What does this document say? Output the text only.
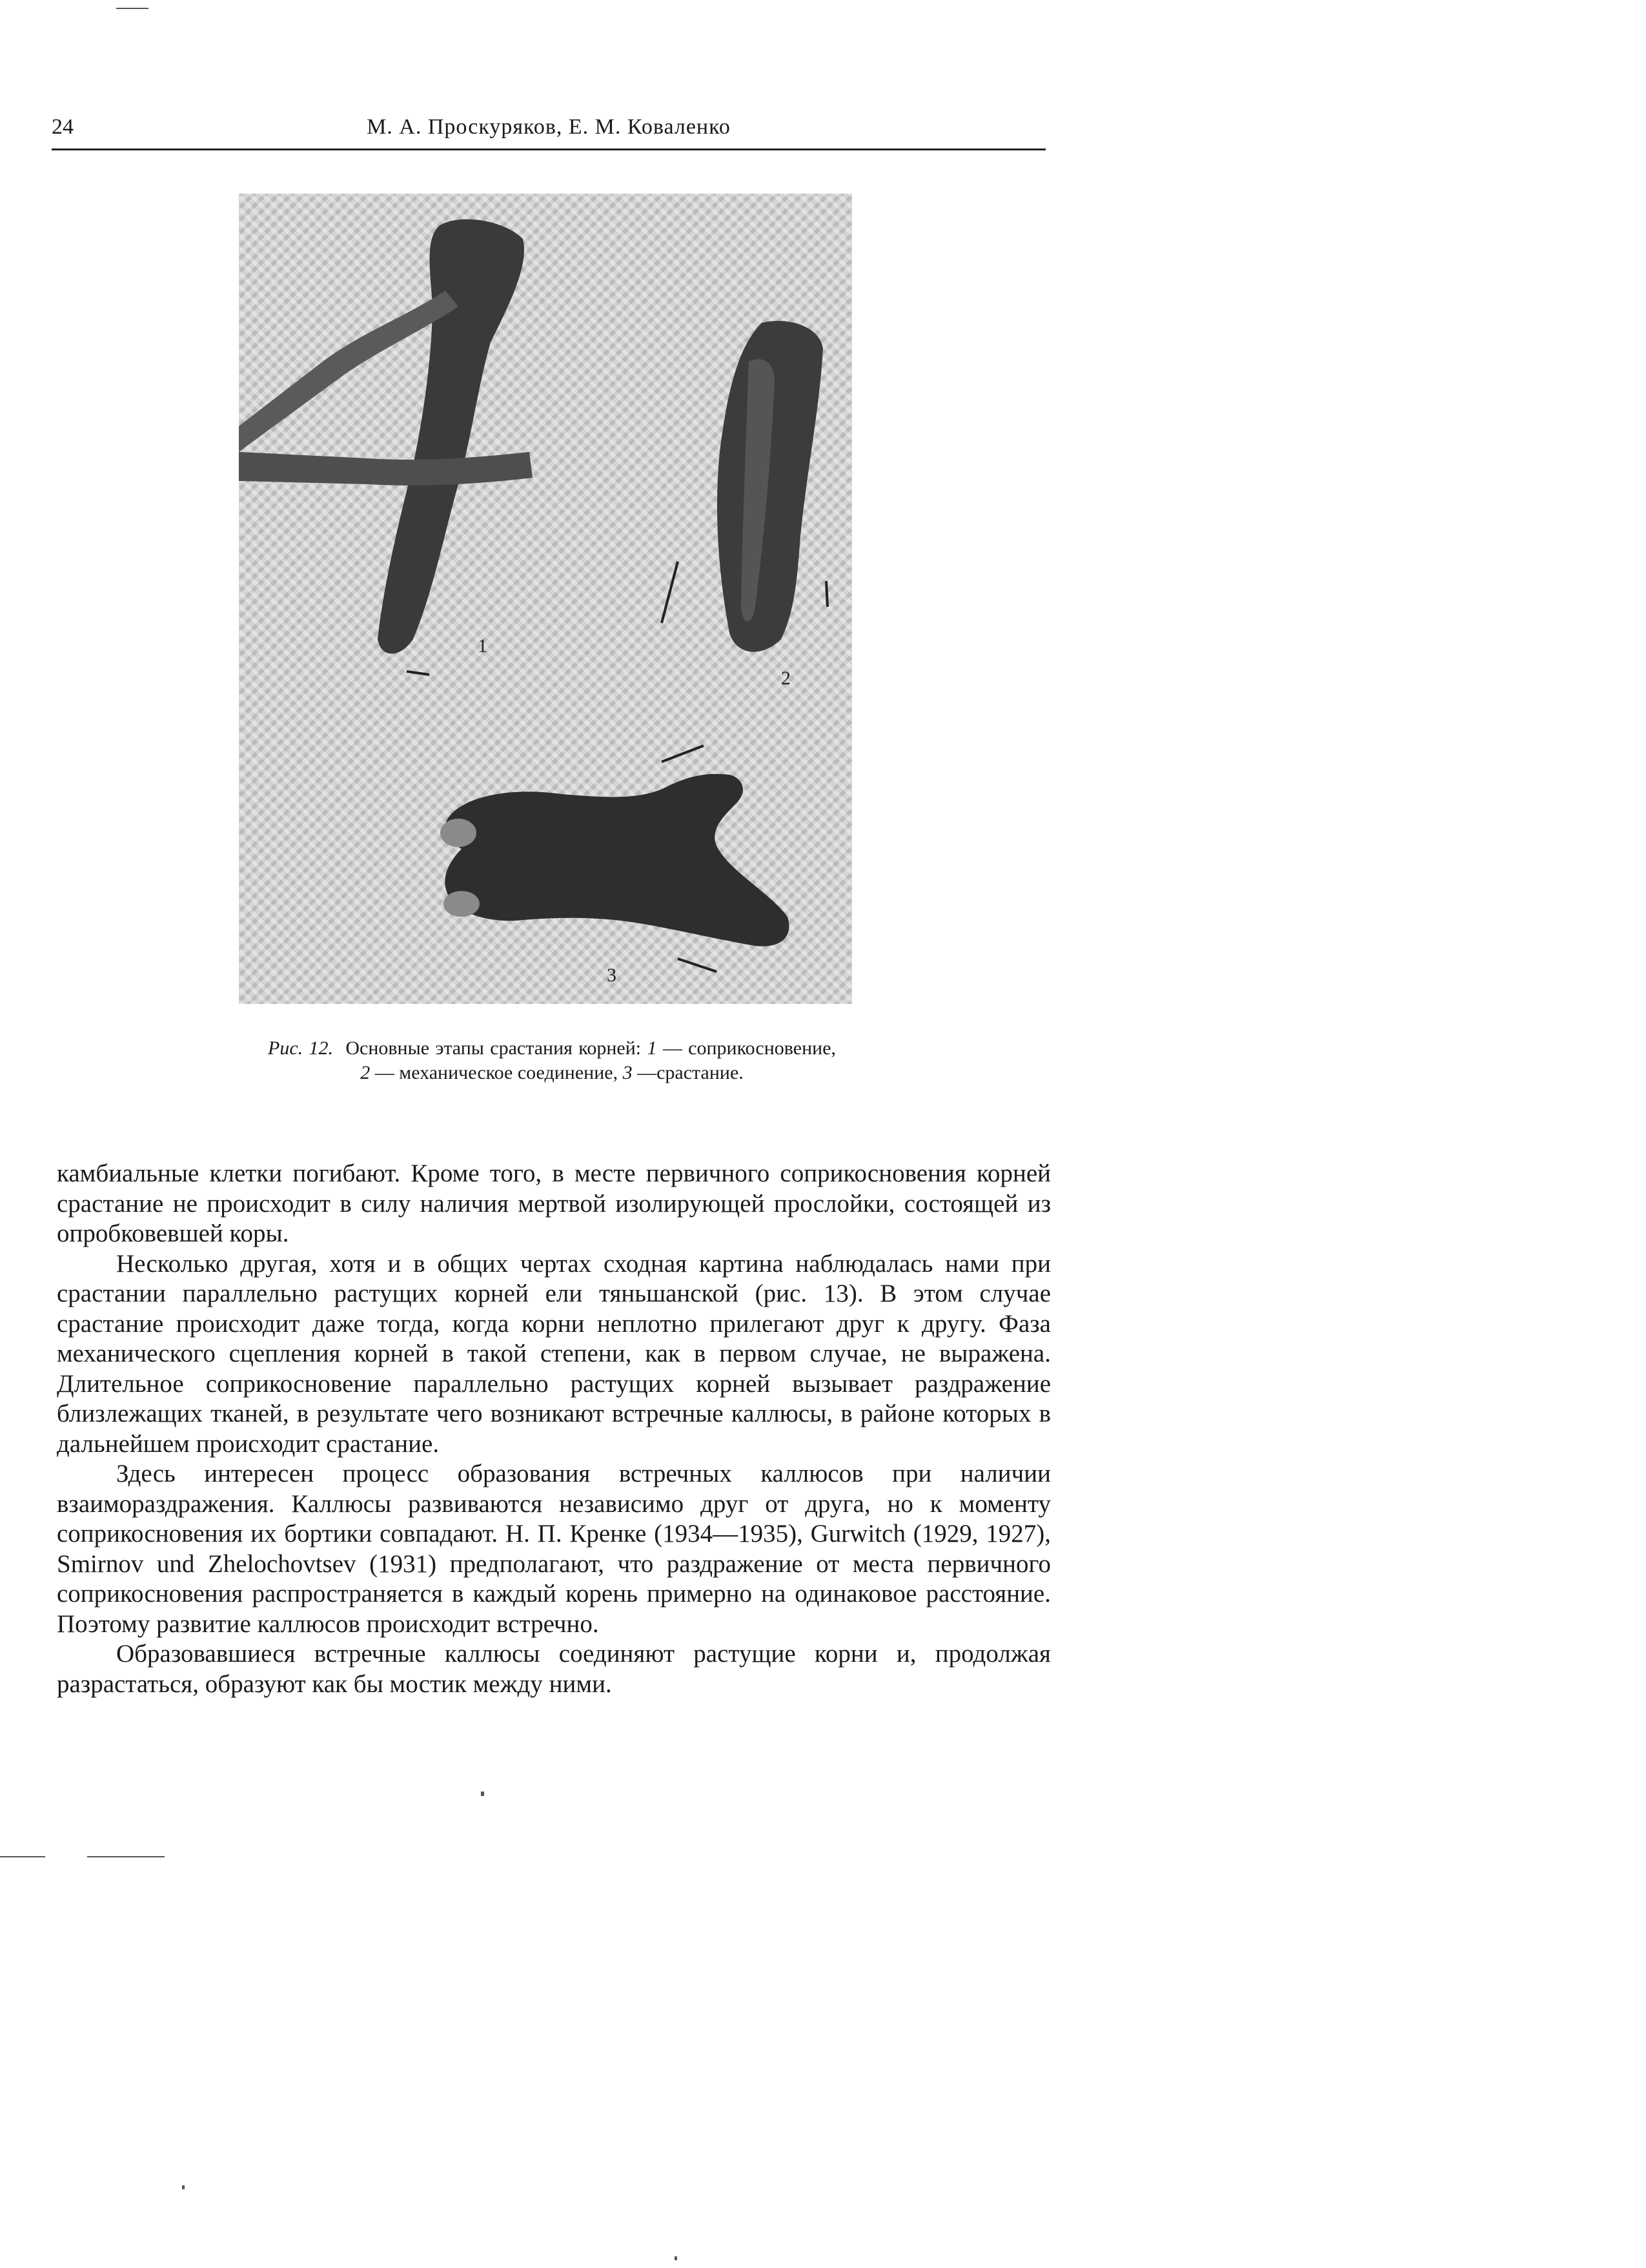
24	М. А. Проскуряков, Е. М. Коваленко
1
2
3
Рис. 12. Основные этапы срастания корней: 1 — соприкосновение, 2 — механическое соединение, 3 —срастание.

камбиальные клетки погибают. Кроме того, в месте первичного соприкосновения корней срастание не происходит в силу наличия мертвой изолирующей прослойки, состоящей из опробковевшей коры.

Несколько другая, хотя и в общих чертах сходная картина наблюдалась нами при срастании параллельно растущих корней ели тяньшанской (рис. 13). В этом случае срастание происходит даже тогда, когда корни неплотно прилегают друг к другу. Фаза механического сцепления корней в такой степени, как в первом случае, не выражена. Длительное соприкосновение параллельно растущих корней вызывает раздражение близлежащих тканей, в результате чего возникают встречные каллюсы, в районе которых в дальнейшем происходит срастание.

Здесь интересен процесс образования встречных каллюсов при наличии взаимораздражения. Каллюсы развиваются независимо друг от друга, но к моменту соприкосновения их бортики совпадают. Н. П. Кренке (1934—1935), Gurwitch (1929, 1927), Smirnov und Zhelochovtsev (1931) предполагают, что раздражение от места первичного соприкосновения распространяется в каждый корень примерно на одинаковое расстояние. Поэтому развитие каллюсов происходит встречно.

Образовавшиеся встречные каллюсы соединяют растущие корни и, продолжая разрастаться, образуют как бы мостик между ними.
